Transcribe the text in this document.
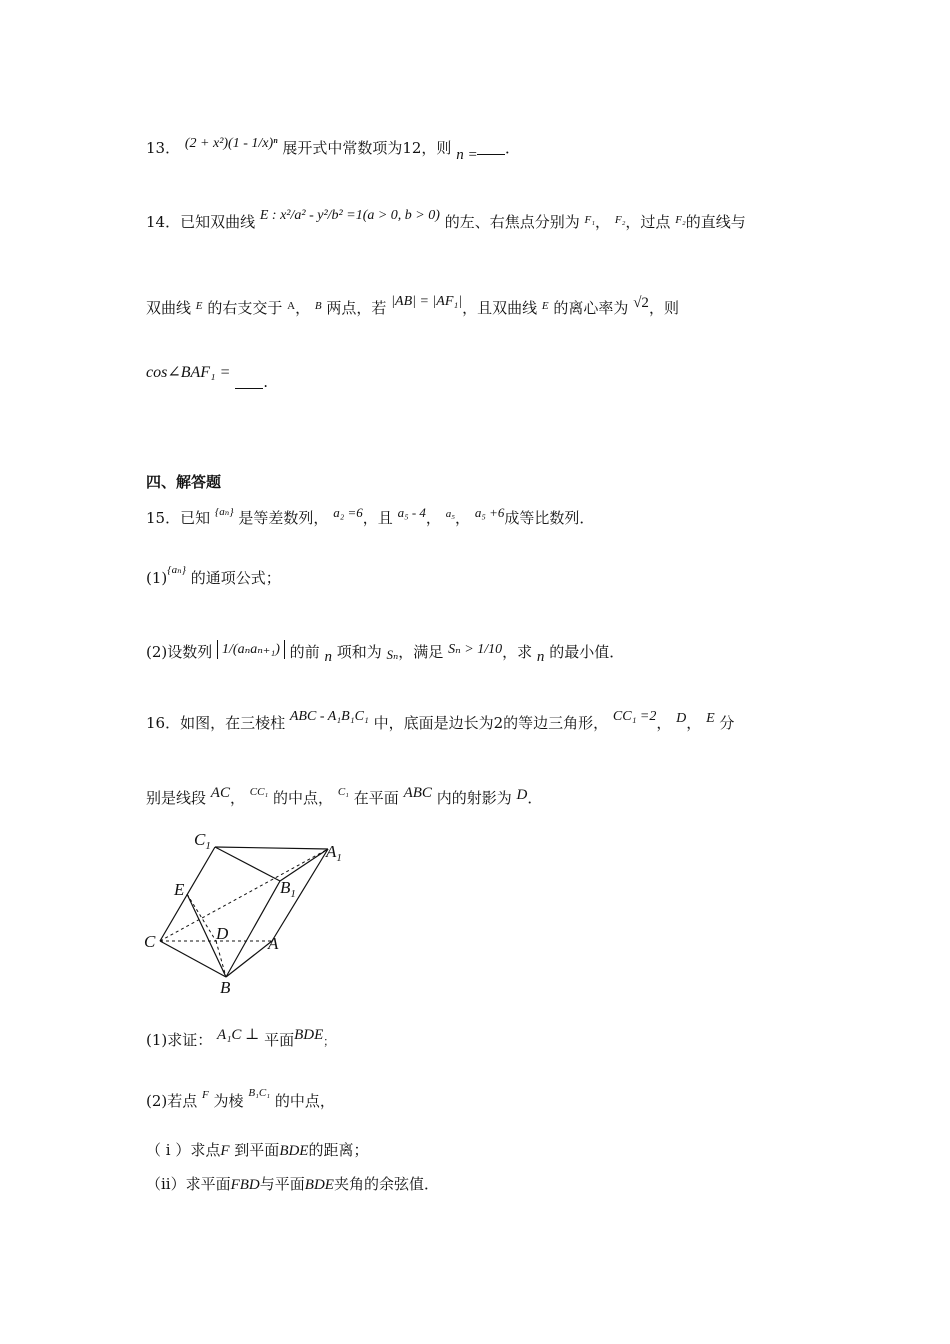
13． (2 + x²)(1 - 1/x)ⁿ 展开式中常数项为12，则 n = ．
14．已知双曲线 E : x²/a² - y²/b² =1(a > 0, b > 0) 的左、右焦点分别为 $^{F_1}$， $^{F_2}$，过点 $^{F_2}$的直线与
双曲线 $^E$ 的右支交于 $^A$， $^B$ 两点，若 |AB| = |AF₁|，且双曲线 $^E$ 的离心率为 √2，则
cos∠BAF₁ = .
四、解答题
15．已知 $^{\{a_n\}}$ 是等差数列， a₂ =6，且 a₅ - 4， $^{a_5}$， a₅ +6成等比数列．
$(1)^{\{a_n\}}$ 的通项公式；
(2)设数列 1/(aₙaₙ₊₁) 的前 n 项和为 Sₙ，满足 Sₙ > 1/10，求 n 的最小值．
16．如图，在三棱柱 ABC - A₁B₁C₁ 中，底面是边长为2的等边三角形， CC₁ =2， D， E 分
别是线段 AC， $^{CC_1}$ 的中点， $^{C_1}$ 在平面 ABC 内的射影为 D．
$C_1$	$A_1$
$B_1$
E
D
C	A
B
(1)求证： A₁C ⊥ 平面BDE；
(2)若点 $^F$ 为棱 $^{B_1C_1}$ 的中点，
（ i ）求点F 到平面BDE的距离；
（ii）求平面FBD与平面BDE夹角的余弦值．
